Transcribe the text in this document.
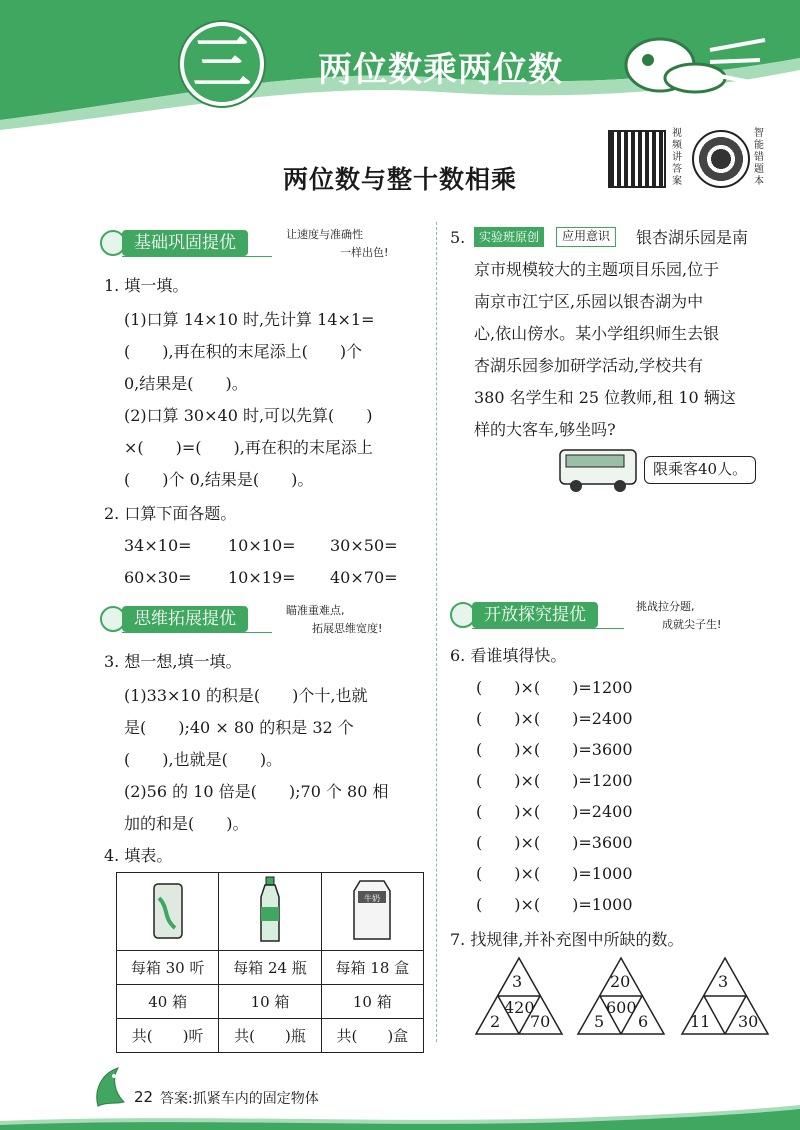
三	两位数乘两位数
两位数与整十数相乘
视频讲答案
智能错题本
基础巩固提优	让速度与准确性
一样出色!
1. 填一填。
(1)口算 14×10 时,先计算 14×1=
(　　),再在积的末尾添上(　　)个
0,结果是(　　)。
(2)口算 30×40 时,可以先算(　　)
×(　　)=(　　),再在积的末尾添上
(　　)个 0,结果是(　　)。
2. 口算下面各题。
34×10= 10×10= 30×50=
60×30= 10×19= 40×70=
思维拓展提优	瞄准重难点,
拓展思维宽度!
3. 想一想,填一填。
(1)33×10 的积是(　　)个十,也就
是(　　);40 × 80 的积是 32 个
(　　),也就是(　　)。
(2)56 的 10 倍是(　　);70 个 80 相
加的和是(　　)。
4. 填表。

牛奶

每箱 30 听	每箱 24 瓶	每箱 18 盒
40 箱	10 箱	10 箱
共(　　)听	共(　　)瓶	共(　　)盒
5.	实验班原创	应用意识	银杏湖乐园是南
京市规模较大的主题项目乐园,位于
南京市江宁区,乐园以银杏湖为中
心,依山傍水。某小学组织师生去银
杏湖乐园参加研学活动,学校共有
380 名学生和 25 位教师,租 10 辆这
样的大客车,够坐吗?
限乘客40人。
开放探究提优	挑战拉分题,
成就尖子生!
6. 看谁填得快。
(　　)×(　　)=1200
(　　)×(　　)=2400
(　　)×(　　)=3600
(　　)×(　　)=1200
(　　)×(　　)=2400
(　　)×(　　)=3600
(　　)×(　　)=1000
(　　)×(　　)=1000
7. 找规律,并补充图中所缺的数。
3
420
2 70
20
600
5 6
3
11 30
22 答案:抓紧车内的固定物体
